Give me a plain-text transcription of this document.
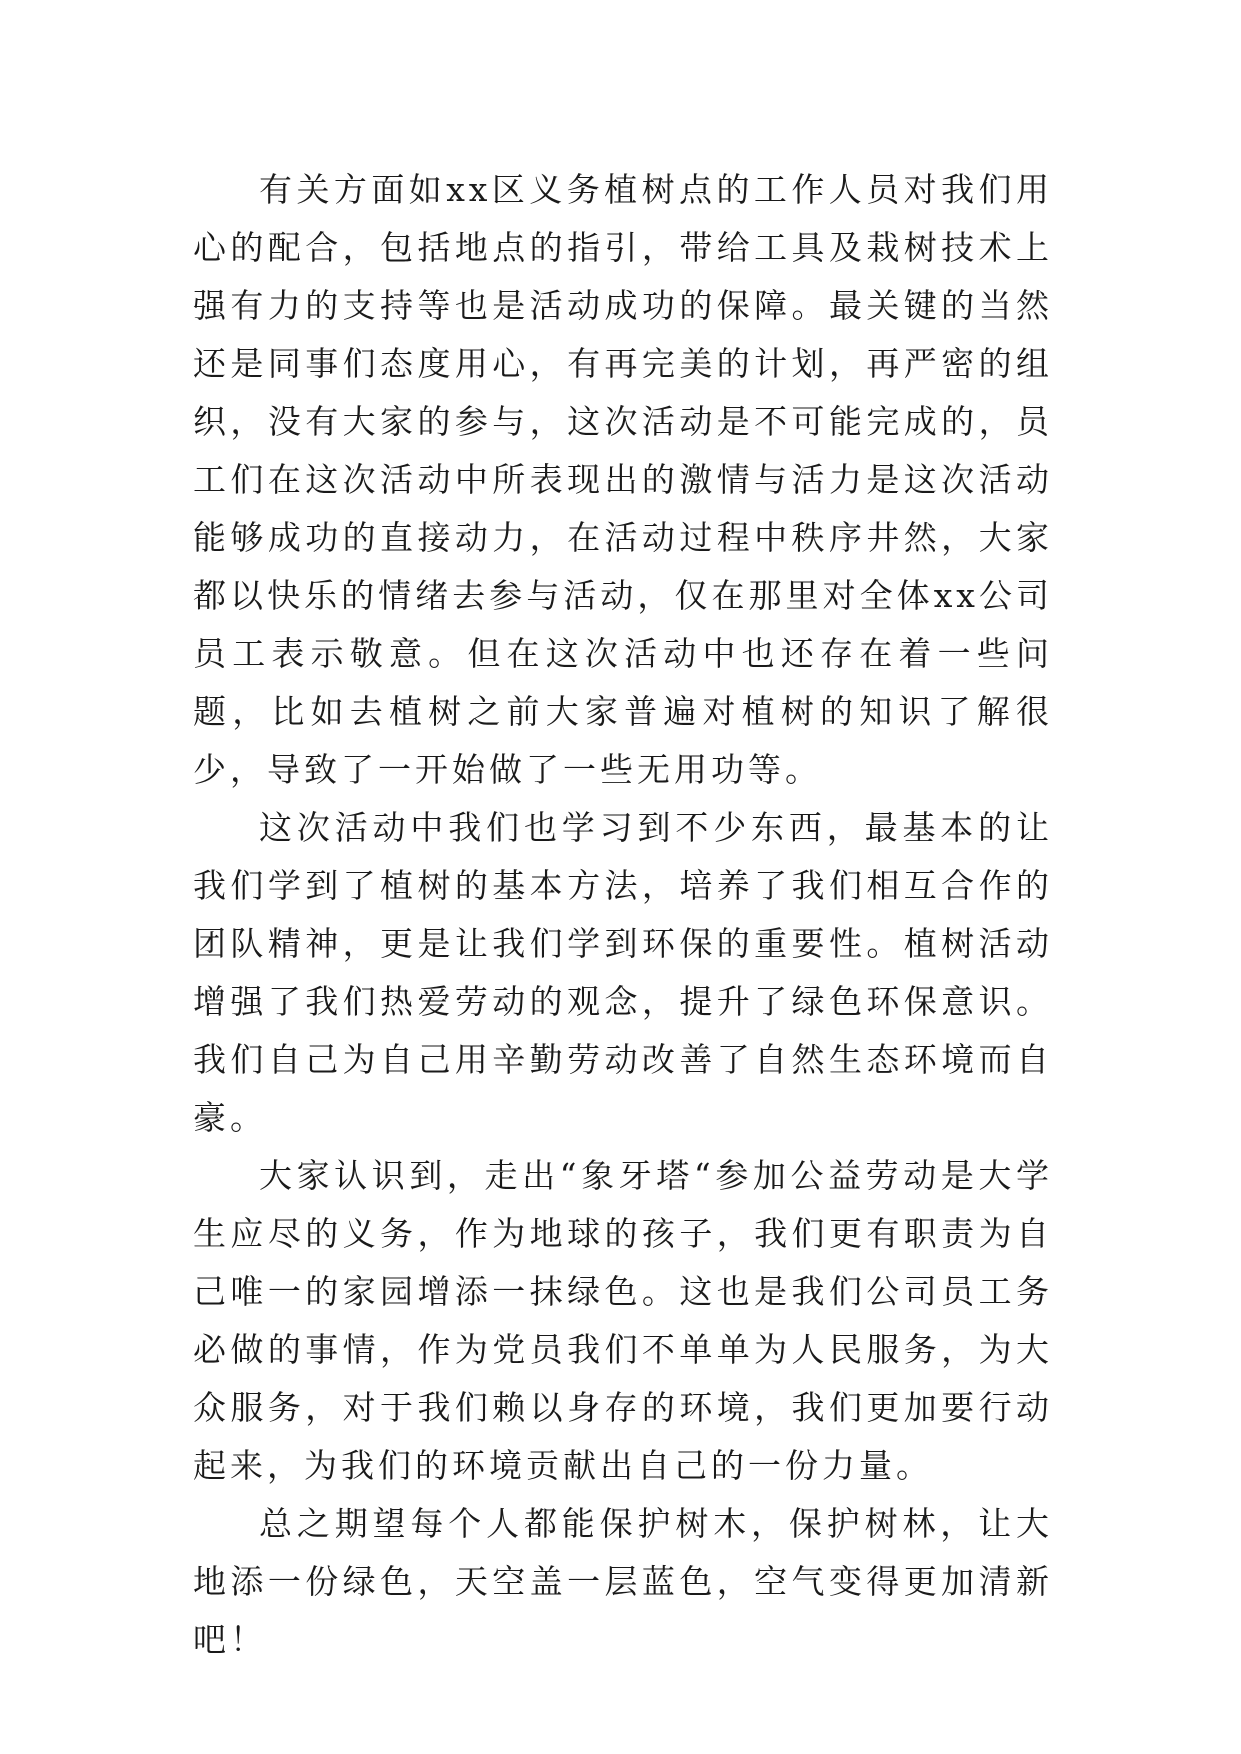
有关方面如xx区义务植树点的工作人员对我们用心的配合，包括地点的指引，带给工具及栽树技术上强有力的支持等也是活动成功的保障。最关键的当然还是同事们态度用心，有再完美的计划，再严密的组织，没有大家的参与，这次活动是不可能完成的，员工们在这次活动中所表现出的激情与活力是这次活动能够成功的直接动力，在活动过程中秩序井然，大家都以快乐的情绪去参与活动，仅在那里对全体xx公司员工表示敬意。但在这次活动中也还存在着一些问题，比如去植树之前大家普遍对植树的知识了解很少，导致了一开始做了一些无用功等。

这次活动中我们也学习到不少东西，最基本的让我们学到了植树的基本方法，培养了我们相互合作的团队精神，更是让我们学到环保的重要性。植树活动增强了我们热爱劳动的观念，提升了绿色环保意识。我们自己为自己用辛勤劳动改善了自然生态环境而自豪。

大家认识到，走出“象牙塔“参加公益劳动是大学生应尽的义务，作为地球的孩子，我们更有职责为自己唯一的家园增添一抹绿色。这也是我们公司员工务必做的事情，作为党员我们不单单为人民服务，为大众服务，对于我们赖以身存的环境，我们更加要行动起来，为我们的环境贡献出自己的一份力量。

总之期望每个人都能保护树木，保护树林，让大地添一份绿色，天空盖一层蓝色，空气变得更加清新吧！
